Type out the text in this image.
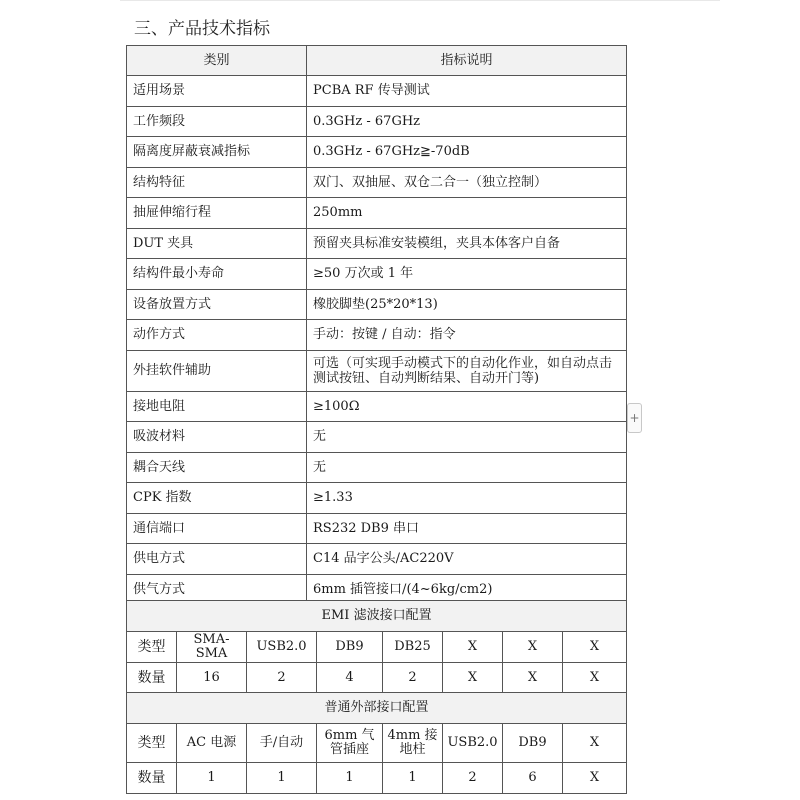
三、产品技术指标
类别	指标说明
适用场景	PCBA RF 传导测试
工作频段	0.3GHz - 67GHz
隔离度屏蔽衰减指标	0.3GHz - 67GHz≧-70dB
结构特征	双门、双抽屉、双仓二合一（独立控制）
抽屉伸缩行程	250mm
DUT 夹具	预留夹具标准安装模组，夹具本体客户自备
结构件最小寿命	≥50 万次或 1 年
设备放置方式	橡胶脚垫(25*20*13)
动作方式	手动：按键 / 自动：指令
外挂软件辅助	可选（可实现手动模式下的自动化作业，如自动点击测试按钮、自动判断结果、自动开门等)
接地电阻	≥100Ω
吸波材料	无
耦合天线	无
CPK 指数	≥1.33
通信端口	RS232 DB9 串口
供电方式	C14 品字公头/AC220V
供气方式	6mm 插管接口/(4~6kg/cm2)
EMI 滤波接口配置							
类型	SMA-SMA	USB2.0	DB9	DB25	X	X	X
数量	16	2	4	2	X	X	X
普通外部接口配置							
类型	AC 电源	手/自动	6mm 气管插座	4mm 接地柱	USB2.0	DB9	X
数量	1	1	1	1	2	6	X
+
